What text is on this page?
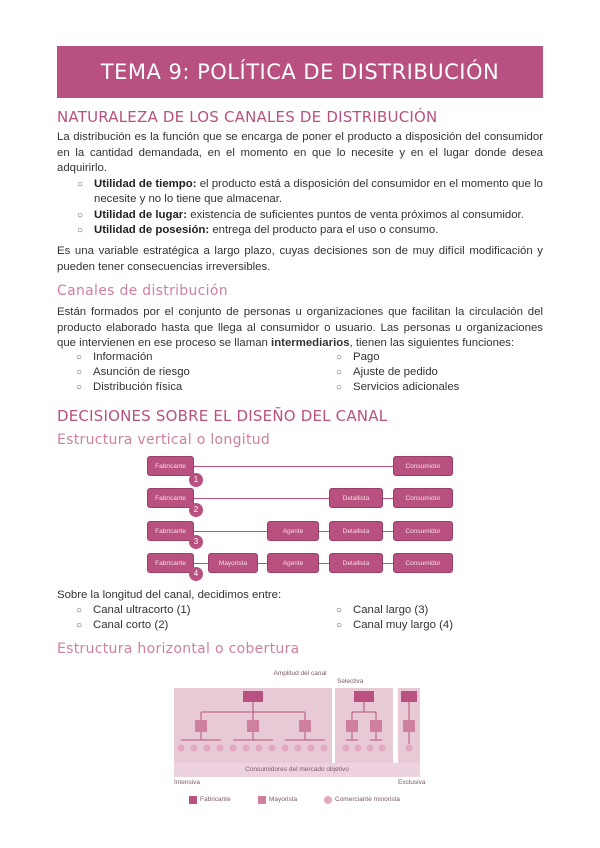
TEMA 9: POLÍTICA DE DISTRIBUCIÓN
NATURALEZA DE LOS CANALES DE DISTRIBUCIÓN
La distribución es la función que se encarga de poner el producto a disposición del consumidor en la cantidad demandada, en el momento en que lo necesite y en el lugar donde desea adquirirlo.
○ Utilidad de tiempo: el producto está a disposición del consumidor en el momento que lo necesite y no lo tiene que almacenar.
○ Utilidad de lugar: existencia de suficientes puntos de venta próximos al consumidor.
○ Utilidad de posesión: entrega del producto para el uso o consumo.
Es una variable estratégica a largo plazo, cuyas decisiones son de muy difícil modificación y pueden tener consecuencias irreversibles.
Canales de distribución
Están formados por el conjunto de personas u organizaciones que facilitan la circulación del producto elaborado hasta que llega al consumidor o usuario. Las personas u organizaciones que intervienen en ese proceso se llaman intermediarios, tienen las siguientes funciones:
○ Información
○ Asunción de riesgo
○ Distribución física
○ Pago
○ Ajuste de pedido
○ Servicios adicionales
DECISIONES SOBRE EL DISEÑO DEL CANAL
Estructura vertical o longitud
Fabricante	Consumidor
1
Fabricante	Detallista	Consumidor
2
Fabricante	Agente	Detallista	Consumidor
3
Fabricante	Mayorista	Agente	Detallista	Consumidor
4
Sobre la longitud del canal, decidimos entre:
○ Canal ultracorto (1)
○ Canal corto (2)
○ Canal largo (3)
○ Canal muy largo (4)
Estructura horizontal o cobertura
Amplitud del canal
Selectiva
Consumidores del mercado objetivo
Intensiva	Exclusiva
Fabricante	Mayorista	Comerciante minorista
